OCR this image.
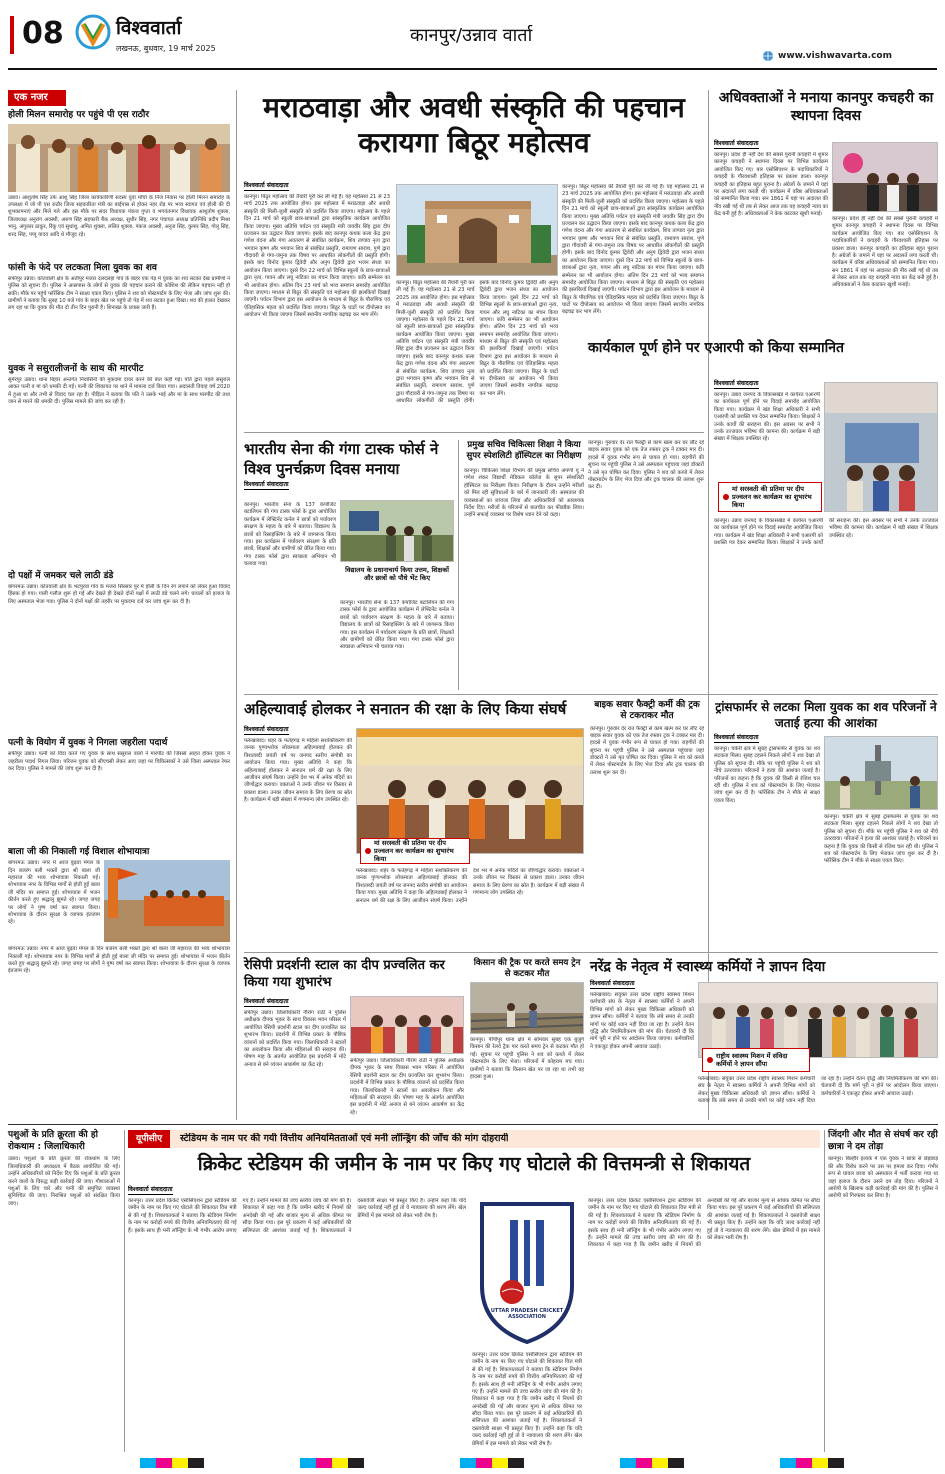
08	विश्ववार्ता
लखनऊ, बुधवार, 19 मार्च 2025
कानपुर/उन्नाव वार्ता
www.vishwavarta.com
एक नजर
होली मिलन समारोह पर पहुंचे पी एस राठौर
उन्नाव। आशुतोष सिंह उर्फ आशु सिंह जिला कार्यकारिणी सदस्य युवा मोर्चा के निज निवास पर होली मिलन समारोह के उपलक्ष्य में जो पी एस राठौर जिला सहकारिता मंत्री का बाईपास से होकर नहर रोड़ पर भव्य स्वागत एवं होली की दी शुभकामनाएं और मिले गले और इस मौके पर सदर विधायक पंकज गुप्ता व भगवंतनगर विधायक आशुतोष शुक्ला, जिलाध्यक्ष अनुराग अवस्थी, अरुण सिंह सहकारी बैंक अध्यक्ष, सुधीर सिंह, नगर पंचायत अध्यक्ष प्रतिनिधि प्रदीप मिश्रा भानु, अंगुल्तर ठाकुर, रिंकू एवं सुधांशु, अमित शुक्ला, ललित शुक्ला, पंकज अवस्थी, अनुज सिंह, कुमार सिंह, गोलू सिंह, शरद सिंह, पप्पू यादव आदि थे मौजूद रहे।
फांसी के फंदे पर लटकता मिला युवक का शव
सफीपुर उन्नाव। कोतवाली क्षेत्र के अतीपुर मजरा दलदलहा गांव के बाहर एक पेड़ में युवक का शव लटका देख ग्रामीणों ने पुलिस को सूचना दी। पुलिस ने आसपास के लोगों से युवक की पहचान कराने की कोशिश की लेकिन पहचान नहीं हो सकी। मौके पर पहुंचे फॉरेंसिक टीम ने साक्ष्य एकत्र किए। पुलिस ने शव को पोस्टमार्टम के लिए भेजा और जांच शुरू की। ग्रामीणों ने बताया कि सुबह 10 बजे गांव के बाहर खेत पर पहुंचे तो पेड़ में शव लटका हुआ दिखा। शव की हालत देखकर लग रहा था कि युवक की मौत दो तीन दिन पुरानी है। शिनाख्त के प्रयास जारी हैं।
युवक ने ससुरालीजनों के साथ की मारपीट
सुमेरपुर उन्नाव। थाना बिहार अन्तर्गत निवासिनी की मुकदमा दायर करने की बात कही गई। पति द्वारा पहले ससुराल आकर पत्नी व मां को धमकी दी गई। पत्नी की शिकायत पर थाने में मामला दर्ज किया गया। अदालती विवाह वर्ष 2020 में हुआ था और तभी से विवाद चल रहा है। पीड़िता ने बताया कि पति ने उसके भाई और मां के साथ मारपीट की तथा जान से मारने की धमकी दी। पुलिस मामले की जांच कर रही है।
दो पक्षों में जमकर चले लाठी डंडे
बांगरमऊ उन्नाव। कोतवाली क्षेत्र के भटपुरवा गांव के मजरा सिरसार पुर में होली के दिन रंग लगाने को लेकर हुआ विवाद हिंसक हो गया। गाली गलौज शुरू हो गई और देखते ही देखते दोनों पक्षों में लाठी डंडे चलने लगे। घायलों को इलाज के लिए अस्पताल भेजा गया। पुलिस ने दोनों पक्षों की तहरीर पर मुकदमा दर्ज कर जांच शुरू कर दी है।
पत्नी के वियोग में युवक ने निगला जहरीला पदार्थ
सफीपुर उन्नाव। पत्नी को विदा करने गए युवक के साथ ससुराल वालों ने मारपीट की जिससे आहत होकर युवक ने जहरीला पदार्थ निगल लिया। परिजन युवक को सीएचसी लेकर आए जहां पर चिकित्सकों ने उसे जिला अस्पताल रेफर कर दिया। पुलिस ने मामले की जांच शुरू कर दी है।
बाला जी की निकाली गई विशाल शोभायात्रा
बांगरमऊ उन्नाव। नगर में आज बुढ़वा मंगल के दिन बजरंग बली भक्तों द्वारा श्री बाला जी महाराज की भव्य शोभायात्रा निकाली गई। शोभायात्रा नगर के विभिन्न मार्गों से होती हुई बाला जी मंदिर पर समाप्त हुई। शोभायात्रा में भजन कीर्तन करते हुए श्रद्धालु झूमते रहे। जगह जगह पर लोगों ने पुष्प वर्षा कर स्वागत किया। शोभायात्रा के दौरान सुरक्षा के व्यापक इंतजाम रहे।
बांगरमऊ उन्नाव। नगर में आज बुढ़वा मंगल के दिन बजरंग बली भक्तों द्वारा श्री बाला जी महाराज की भव्य शोभायात्रा निकाली गई। शोभायात्रा नगर के विभिन्न मार्गों से होती हुई बाला जी मंदिर पर समाप्त हुई। शोभायात्रा में भजन कीर्तन करते हुए श्रद्धालु झूमते रहे। जगह जगह पर लोगों ने पुष्प वर्षा कर स्वागत किया। शोभायात्रा के दौरान सुरक्षा के व्यापक इंतजाम रहे।
मराठवाड़ा और अवधी संस्कृति की पहचान करायगा बिठूर महोत्सव
विश्ववार्ता संवाददाता
कानपुर। बिठूर महोत्सव की तैयारी पूरी कर ली गई हैं। यह महोत्सव 21 से 23 मार्च 2025 तक आयोजित होगा। इस महोत्सव में मराठवाड़ा और अवधी संस्कृति की मिली-जुली संस्कृति को प्रदर्शित किया जाएगा। महोत्सव के पहले दिन 21 मार्च को स्कूली छात्र-छात्राओं द्वारा सांस्कृतिक कार्यक्रम आयोजित किया जाएगा। मुख्य अतिथि पर्यटन एवं संस्कृति मंत्री जयवीर सिंह द्वारा दीप प्रज्वलन कर उद्घाटन किया जाएगा। इसके बाद कानपुर कथक कला केंद्र द्वारा गणेश वंदना और गंगा अवतरण से संबंधित कार्यक्रम, शिव ताण्डव नृत्य द्वारा भगवान कृष्ण और भगवान शिव से संबंधित प्रस्तुति, रामायण सारांश, पुणे द्वारा गौदावरी से गंगा-जमुना तक विषय पर आधारित लोकगीतों की प्रस्तुति होगी। इसके बाद विनोद कुमार द्विवेदी और अनुप द्विवेदी द्वारा भजन संध्या का आयोजन किया जाएगा। दूसरे दिन 22 मार्च को विभिन्न स्कूलों के छात्र-छात्राओं द्वारा नृत्य, गायन और लघु नाटिका का मंचन किया जाएगा। कवि सम्मेलन का भी आयोजन होगा। अंतिम दिन 23 मार्च को भव्य समापन समारोह आयोजित किया जाएगा। माध्यम से बिठूर की संस्कृति एवं महोत्सव की झलकियाँ दिखाई जाएंगी। पर्यटन विभाग द्वारा इस आयोजन के माध्यम से बिठूर के पौराणिक एवं ऐतिहासिक महत्व को प्रदर्शित किया जाएगा। बिठूर के घाटों पर दीपोत्सव का आयोजन भी किया जाएगा जिसमें स्थानीय नागरिक बढ़चढ़ कर भाग लेंगे।
कानपुर। बिठूर महोत्सव की तैयारी पूरी कर ली गई हैं। यह महोत्सव 21 से 23 मार्च 2025 तक आयोजित होगा। इस महोत्सव में मराठवाड़ा और अवधी संस्कृति की मिली-जुली संस्कृति को प्रदर्शित किया जाएगा। महोत्सव के पहले दिन 21 मार्च को स्कूली छात्र-छात्राओं द्वारा सांस्कृतिक कार्यक्रम आयोजित किया जाएगा। मुख्य अतिथि पर्यटन एवं संस्कृति मंत्री जयवीर सिंह द्वारा दीप प्रज्वलन कर उद्घाटन किया जाएगा। इसके बाद कानपुर कथक कला केंद्र द्वारा गणेश वंदना और गंगा अवतरण से संबंधित कार्यक्रम, शिव ताण्डव नृत्य द्वारा भगवान कृष्ण और भगवान शिव से संबंधित प्रस्तुति, रामायण सारांश, पुणे द्वारा गौदावरी से गंगा-जमुना तक विषय पर आधारित लोकगीतों की प्रस्तुति होगी। इसके बाद विनोद कुमार द्विवेदी और अनुप द्विवेदी द्वारा भजन संध्या का आयोजन किया जाएगा। दूसरे दिन 22 मार्च को विभिन्न स्कूलों के छात्र-छात्राओं द्वारा नृत्य, गायन और लघु नाटिका का मंचन किया जाएगा। कवि सम्मेलन का भी आयोजन होगा। अंतिम दिन 23 मार्च को भव्य समापन समारोह आयोजित किया जाएगा। माध्यम से बिठूर की संस्कृति एवं महोत्सव की झलकियाँ दिखाई जाएंगी। पर्यटन विभाग द्वारा इस आयोजन के माध्यम से बिठूर के पौराणिक एवं ऐतिहासिक महत्व को प्रदर्शित किया जाएगा। बिठूर के घाटों पर दीपोत्सव का आयोजन भी किया जाएगा जिसमें स्थानीय नागरिक बढ़चढ़ कर भाग लेंगे।
कानपुर। बिठूर महोत्सव की तैयारी पूरी कर ली गई हैं। यह महोत्सव 21 से 23 मार्च 2025 तक आयोजित होगा। इस महोत्सव में मराठवाड़ा और अवधी संस्कृति की मिली-जुली संस्कृति को प्रदर्शित किया जाएगा। महोत्सव के पहले दिन 21 मार्च को स्कूली छात्र-छात्राओं द्वारा सांस्कृतिक कार्यक्रम आयोजित किया जाएगा। मुख्य अतिथि पर्यटन एवं संस्कृति मंत्री जयवीर सिंह द्वारा दीप प्रज्वलन कर उद्घाटन किया जाएगा। इसके बाद कानपुर कथक कला केंद्र द्वारा गणेश वंदना और गंगा अवतरण से संबंधित कार्यक्रम, शिव ताण्डव नृत्य द्वारा भगवान कृष्ण और भगवान शिव से संबंधित प्रस्तुति, रामायण सारांश, पुणे द्वारा गौदावरी से गंगा-जमुना तक विषय पर आधारित लोकगीतों की प्रस्तुति होगी। इसके बाद विनोद कुमार द्विवेदी और अनुप द्विवेदी द्वारा भजन संध्या का आयोजन किया जाएगा। दूसरे दिन 22 मार्च को विभिन्न स्कूलों के छात्र-छात्राओं द्वारा नृत्य, गायन और लघु नाटिका का मंचन किया जाएगा। कवि सम्मेलन का भी आयोजन होगा। अंतिम दिन 23 मार्च को भव्य समापन समारोह आयोजित किया जाएगा। माध्यम से बिठूर की संस्कृति एवं महोत्सव की झलकियाँ दिखाई जाएंगी। पर्यटन विभाग द्वारा इस आयोजन के माध्यम से बिठूर के पौराणिक एवं ऐतिहासिक महत्व को प्रदर्शित किया जाएगा। बिठूर के घाटों पर दीपोत्सव का आयोजन भी किया जाएगा जिसमें स्थानीय नागरिक बढ़चढ़ कर भाग लेंगे।
अधिवक्ताओं ने मनाया कानपुर कचहरी का स्थापना दिवस
विश्ववार्ता संवाददाता
कानपुर। प्रदेश ही नहीं देश की सबसे पुरानी कचहरी में शुमार कानपुर कचहरी ने स्थापना दिवस पर विभिन्न कार्यक्रम आयोजित किए गए। बार एसोसिएशन के पदाधिकारियों ने कचहरी के गौरवशाली इतिहास पर प्रकाश डाला। कानपुर कचहरी का इतिहास बहुत पुराना है। अंग्रेजों के जमाने में यहां पर अदालतें लगा करती थीं। कार्यक्रम में वरिष्ठ अधिवक्ताओं को सम्मानित किया गया। सन 1861 में यहां पर अदालत की नींव रखी गई थी तब से लेकर आज तक यह कचहरी न्याय का केंद्र बनी हुई है। अधिवक्ताओं ने केक काटकर खुशी मनाई।
कानपुर। प्रदेश ही नहीं देश की सबसे पुरानी कचहरी में शुमार कानपुर कचहरी ने स्थापना दिवस पर विभिन्न कार्यक्रम आयोजित किए गए। बार एसोसिएशन के पदाधिकारियों ने कचहरी के गौरवशाली इतिहास पर प्रकाश डाला। कानपुर कचहरी का इतिहास बहुत पुराना है। अंग्रेजों के जमाने में यहां पर अदालतें लगा करती थीं। कार्यक्रम में वरिष्ठ अधिवक्ताओं को सम्मानित किया गया। सन 1861 में यहां पर अदालत की नींव रखी गई थी तब से लेकर आज तक यह कचहरी न्याय का केंद्र बनी हुई है। अधिवक्ताओं ने केक काटकर खुशी मनाई।
भारतीय सेना की गंगा टास्क फोर्स ने विश्व पुनर्चक्रण दिवस मनाया
विश्ववार्ता संवाददाता
कानपुर। भारतीय सेना के 137 कंपोजिट बटालियन की गंगा टास्क फोर्स के द्वारा आयोजित कार्यक्रम में लेफ्टिनेंट कर्नल ने छात्रों को पर्यावरण संरक्षण के महत्व के बारे में बताया। विद्यालय के छात्रों को रिसाइक्लिंग के बारे में जागरूक किया गया। इस कार्यक्रम में पर्यावरण संरक्षण के प्रति छात्रों, शिक्षकों और ग्रामीणों को प्रेरित किया गया। गंगा टास्क फोर्स द्वारा स्वच्छता अभियान भी चलाया गया।
विद्यालय के प्रधानाचार्य किया उत्तम, शिक्षकों और छात्रों को पौधे भेंट किए
कानपुर। भारतीय सेना के 137 कंपोजिट बटालियन की गंगा टास्क फोर्स के द्वारा आयोजित कार्यक्रम में लेफ्टिनेंट कर्नल ने छात्रों को पर्यावरण संरक्षण के महत्व के बारे में बताया। विद्यालय के छात्रों को रिसाइक्लिंग के बारे में जागरूक किया गया। इस कार्यक्रम में पर्यावरण संरक्षण के प्रति छात्रों, शिक्षकों और ग्रामीणों को प्रेरित किया गया। गंगा टास्क फोर्स द्वारा स्वच्छता अभियान भी चलाया गया।
प्रमुख सचिव चिकित्सा शिक्षा ने किया सुपर स्पेशलिटी हॉस्पिटल का निरीक्षण
कानपुर। चिकित्सा शिक्षा विभाग की प्रमुख सचिव अपर्णा यू ने गणेश शंकर विद्यार्थी मेडिकल कॉलेज के सुपर स्पेशलिटी हॉस्पिटल का निरीक्षण किया। निरीक्षण के दौरान उन्होंने मरीजों को मिल रही सुविधाओं के बारे में जानकारी ली। अस्पताल की व्यवस्थाओं का जायजा लिया और अधिकारियों को आवश्यक निर्देश दिए। मरीजों के परिजनों से बातचीत कर फीडबैक लिया। उन्होंने सफाई व्यवस्था पर विशेष ध्यान देने को कहा।
कानपुर। गुरुवार देर रात फैक्ट्री से काम खत्म कर घर लौट रहे बाइक सवार युवक को एक तेज रफ्तार ट्रक ने टक्कर मार दी। हादसे में युवक गंभीर रूप से घायल हो गया। राहगीरों की सूचना पर पहुंची पुलिस ने उसे अस्पताल पहुंचाया जहां डॉक्टरों ने उसे मृत घोषित कर दिया। पुलिस ने शव को कब्जे में लेकर पोस्टमार्टम के लिए भेज दिया और ट्रक चालक की तलाश शुरू कर दी।
कार्यकाल पूर्ण होने पर एआरपी को किया सम्मानित
विश्ववार्ता संवाददाता
कानपुर। उन्नाव जनपद के विकासखंड में कार्यरत एआरपी का कार्यकाल पूर्ण होने पर विदाई समारोह आयोजित किया गया। कार्यक्रम में खंड शिक्षा अधिकारी ने सभी एआरपी को प्रशस्ति पत्र देकर सम्मानित किया। शिक्षकों ने उनके कार्यों की सराहना की। इस अवसर पर सभी ने उनके उज्जवल भविष्य की कामना की। कार्यक्रम में बड़ी संख्या में शिक्षक उपस्थित रहे।
मां सरस्वती की प्रतिमा पर दीप प्रज्वलन कर कार्यक्रम का शुभारंभ किया
कानपुर। उन्नाव जनपद के विकासखंड में कार्यरत एआरपी का कार्यकाल पूर्ण होने पर विदाई समारोह आयोजित किया गया। कार्यक्रम में खंड शिक्षा अधिकारी ने सभी एआरपी को प्रशस्ति पत्र देकर सम्मानित किया। शिक्षकों ने उनके कार्यों की सराहना की। इस अवसर पर सभी ने उनके उज्जवल भविष्य की कामना की। कार्यक्रम में बड़ी संख्या में शिक्षक उपस्थित रहे।
अहिल्यावाई होलकर ने सनातन की रक्षा के लिए किया संघर्ष
विश्ववार्ता संवाददाता
फर्रुखाबाद। शहर के फतेहगढ़ में महिला सशक्तिकरण की जनक पुण्यश्लोक लोकमाता अहिल्याबाई होलकर की त्रिशताब्दी जयंती वर्ष पर जनपद स्तरीय संगोष्ठी का आयोजन किया गया। मुख्य अतिथि ने कहा कि अहिल्याबाई होलकर ने सनातन धर्म की रक्षा के लिए आजीवन संघर्ष किया। उन्होंने देश भर में अनेक मंदिरों का जीर्णोद्धार कराया। वक्ताओं ने उनके जीवन पर विस्तार से प्रकाश डाला। उनका जीवन समाज के लिए प्रेरणा का स्रोत है। कार्यक्रम में बड़ी संख्या में गणमान्य लोग उपस्थित रहे।
मां सरस्वती की प्रतिमा पर दीप प्रज्वलन कर कार्यक्रम का शुभारंभ किया
फर्रुखाबाद। शहर के फतेहगढ़ में महिला सशक्तिकरण की जनक पुण्यश्लोक लोकमाता अहिल्याबाई होलकर की त्रिशताब्दी जयंती वर्ष पर जनपद स्तरीय संगोष्ठी का आयोजन किया गया। मुख्य अतिथि ने कहा कि अहिल्याबाई होलकर ने सनातन धर्म की रक्षा के लिए आजीवन संघर्ष किया। उन्होंने देश भर में अनेक मंदिरों का जीर्णोद्धार कराया। वक्ताओं ने उनके जीवन पर विस्तार से प्रकाश डाला। उनका जीवन समाज के लिए प्रेरणा का स्रोत है। कार्यक्रम में बड़ी संख्या में गणमान्य लोग उपस्थित रहे।
बाइक सवार फैक्ट्री कर्मी की ट्रक से टकराकर मौत
कानपुर। गुरुवार देर रात फैक्ट्री से काम खत्म कर घर लौट रहे बाइक सवार युवक को एक तेज रफ्तार ट्रक ने टक्कर मार दी। हादसे में युवक गंभीर रूप से घायल हो गया। राहगीरों की सूचना पर पहुंची पुलिस ने उसे अस्पताल पहुंचाया जहां डॉक्टरों ने उसे मृत घोषित कर दिया। पुलिस ने शव को कब्जे में लेकर पोस्टमार्टम के लिए भेज दिया और ट्रक चालक की तलाश शुरू कर दी।
ट्रांसफार्मर से लटका मिला युवक का शव परिजनों ने जताई हत्या की आशंका
विश्ववार्ता संवाददाता
कानपुर। चकेरी क्षेत्र में सुबह ट्रांसफार्मर से युवक का शव लटकता मिला। सुबह टहलने निकले लोगों ने शव देखा तो पुलिस को सूचना दी। मौके पर पहुंची पुलिस ने शव को नीचे उतरवाया। परिजनों ने हत्या की आशंका जताई है। परिजनों का कहना है कि युवक की किसी से रंजिश चल रही थी। पुलिस ने शव को पोस्टमार्टम के लिए भेजकर जांच शुरू कर दी है। फॉरेंसिक टीम ने मौके से साक्ष्य एकत्र किए।
कानपुर। चकेरी क्षेत्र में सुबह ट्रांसफार्मर से युवक का शव लटकता मिला। सुबह टहलने निकले लोगों ने शव देखा तो पुलिस को सूचना दी। मौके पर पहुंची पुलिस ने शव को नीचे उतरवाया। परिजनों ने हत्या की आशंका जताई है। परिजनों का कहना है कि युवक की किसी से रंजिश चल रही थी। पुलिस ने शव को पोस्टमार्टम के लिए भेजकर जांच शुरू कर दी है। फॉरेंसिक टीम ने मौके से साक्ष्य एकत्र किए।
रेसिपी प्रदर्शनी स्टाल का दीप प्रज्वलित कर किया गया शुभारंभ
विश्ववार्ता संवाददाता
सफीपुर उन्नाव। जिलाधिकारी गौरांग राठी ने पुलिस अधीक्षक दीपक भूकर के साथ विकास भवन परिसर में आयोजित रेसिपी प्रदर्शनी स्टाल का दीप प्रज्वलित कर शुभारंभ किया। प्रदर्शनी में विभिन्न प्रकार के पौष्टिक व्यंजनों को प्रदर्शित किया गया। जिलाधिकारी ने स्टालों का अवलोकन किया और महिलाओं की सराहना की। पोषण माह के अंतर्गत आयोजित इस प्रदर्शनी में मोटे अनाज से बने व्यंजन आकर्षण का केंद्र रहे।
सफीपुर उन्नाव। जिलाधिकारी गौरांग राठी ने पुलिस अधीक्षक दीपक भूकर के साथ विकास भवन परिसर में आयोजित रेसिपी प्रदर्शनी स्टाल का दीप प्रज्वलित कर शुभारंभ किया। प्रदर्शनी में विभिन्न प्रकार के पौष्टिक व्यंजनों को प्रदर्शित किया गया। जिलाधिकारी ने स्टालों का अवलोकन किया और महिलाओं की सराहना की। पोषण माह के अंतर्गत आयोजित इस प्रदर्शनी में मोटे अनाज से बने व्यंजन आकर्षण का केंद्र रहे।
किसान की ट्रैक पर करते समय ट्रेन से कटकर मौत
कानपुर। पीपीपुर थाना क्षेत्र में सोमवार सुबह एक बुजुर्ग किसान की रेलवे ट्रैक पार करते समय ट्रेन से कटकर मौत हो गई। सूचना पर पहुंची पुलिस ने शव को कब्जे में लेकर पोस्टमार्टम के लिए भेजा। परिजनों में कोहराम मच गया। ग्रामीणों ने बताया कि किसान खेत पर जा रहा था तभी यह हादसा हुआ।
नरेंद्र के नेतृत्व में स्वास्थ्य कर्मियों ने ज्ञापन दिया
विश्ववार्ता संवाददाता
फर्रुखाबाद। संयुक्त उत्तर प्रदेश राष्ट्रीय स्वास्थ्य मिशन कर्मचारी संघ के नेतृत्व में स्वास्थ्य कर्मियों ने अपनी विभिन्न मांगों को लेकर मुख्य चिकित्सा अधिकारी को ज्ञापन सौंपा। कर्मियों ने बताया कि लंबे समय से उनकी मांगों पर कोई ध्यान नहीं दिया जा रहा है। उन्होंने वेतन वृद्धि और नियमितीकरण की मांग की। चेतावनी दी कि मांगें पूरी न होने पर आंदोलन किया जाएगा। कर्मचारियों ने एकजुट होकर अपनी आवाज उठाई।
राष्ट्रीय स्वास्थ्य मिशन में संविदा कर्मियों ने ज्ञापन सौंपा
फर्रुखाबाद। संयुक्त उत्तर प्रदेश राष्ट्रीय स्वास्थ्य मिशन कर्मचारी संघ के नेतृत्व में स्वास्थ्य कर्मियों ने अपनी विभिन्न मांगों को लेकर मुख्य चिकित्सा अधिकारी को ज्ञापन सौंपा। कर्मियों ने बताया कि लंबे समय से उनकी मांगों पर कोई ध्यान नहीं दिया जा रहा है। उन्होंने वेतन वृद्धि और नियमितीकरण की मांग की। चेतावनी दी कि मांगें पूरी न होने पर आंदोलन किया जाएगा। कर्मचारियों ने एकजुट होकर अपनी आवाज उठाई।
पशुओं के प्रति क्रूरता की हो रोकथाम : जिलाधिकारी
उन्नाव। पशुओं के प्रति क्रूरता की रोकथाम के लिए जिलाधिकारी की अध्यक्षता में बैठक आयोजित की गई। उन्होंने अधिकारियों को निर्देश दिए कि पशुओं के प्रति क्रूरता करने वालों के विरुद्ध कड़ी कार्रवाई की जाए। गौशालाओं में पशुओं के लिए चारे और पानी की समुचित व्यवस्था सुनिश्चित की जाए। निराश्रित पशुओं को संरक्षित किया जाए।
यूपीसीए	स्टेडियम के नाम पर की गयी वित्तीय अनियमितताओं एवं मनी लॉन्ड्रिंग की जाँच की मांग दोहरायी
क्रिकेट स्टेडियम की जमीन के नाम पर किए गए घोटाले की वित्तमन्त्री से शिकायत
विश्ववार्ता संवाददाता
कानपुर। उत्तर प्रदेश क्रिकेट एसोसिएशन द्वारा स्टेडियम की जमीन के नाम पर किए गए घोटाले की शिकायत वित्त मंत्री से की गई है। शिकायतकर्ता ने बताया कि स्टेडियम निर्माण के नाम पर करोड़ों रुपये की वित्तीय अनियमितताएं की गई हैं। इसके साथ ही मनी लॉन्ड्रिंग के भी गंभीर आरोप लगाए गए हैं। उन्होंने मामले की उच्च स्तरीय जांच की मांग की है। शिकायत में कहा गया है कि जमीन खरीद में नियमों की अनदेखी की गई और बाजार मूल्य से अधिक कीमत पर सौदा किया गया। इस पूरे प्रकरण में कई अधिकारियों की संलिप्तता की आशंका जताई गई है। शिकायतकर्ता ने दस्तावेजी साक्ष्य भी प्रस्तुत किए हैं। उन्होंने कहा कि यदि जल्द कार्रवाई नहीं हुई तो वे न्यायालय की शरण लेंगे। खेल प्रेमियों में इस मामले को लेकर भारी रोष है।
UTTAR PRADESH CRICKET ASSOCIATION
कानपुर। उत्तर प्रदेश क्रिकेट एसोसिएशन द्वारा स्टेडियम की जमीन के नाम पर किए गए घोटाले की शिकायत वित्त मंत्री से की गई है। शिकायतकर्ता ने बताया कि स्टेडियम निर्माण के नाम पर करोड़ों रुपये की वित्तीय अनियमितताएं की गई हैं। इसके साथ ही मनी लॉन्ड्रिंग के भी गंभीर आरोप लगाए गए हैं। उन्होंने मामले की उच्च स्तरीय जांच की मांग की है। शिकायत में कहा गया है कि जमीन खरीद में नियमों की अनदेखी की गई और बाजार मूल्य से अधिक कीमत पर सौदा किया गया। इस पूरे प्रकरण में कई अधिकारियों की संलिप्तता की आशंका जताई गई है। शिकायतकर्ता ने दस्तावेजी साक्ष्य भी प्रस्तुत किए हैं। उन्होंने कहा कि यदि जल्द कार्रवाई नहीं हुई तो वे न्यायालय की शरण लेंगे। खेल प्रेमियों में इस मामले को लेकर भारी रोष है।
कानपुर। उत्तर प्रदेश क्रिकेट एसोसिएशन द्वारा स्टेडियम की जमीन के नाम पर किए गए घोटाले की शिकायत वित्त मंत्री से की गई है। शिकायतकर्ता ने बताया कि स्टेडियम निर्माण के नाम पर करोड़ों रुपये की वित्तीय अनियमितताएं की गई हैं। इसके साथ ही मनी लॉन्ड्रिंग के भी गंभीर आरोप लगाए गए हैं। उन्होंने मामले की उच्च स्तरीय जांच की मांग की है। शिकायत में कहा गया है कि जमीन खरीद में नियमों की अनदेखी की गई और बाजार मूल्य से अधिक कीमत पर सौदा किया गया। इस पूरे प्रकरण में कई अधिकारियों की संलिप्तता की आशंका जताई गई है। शिकायतकर्ता ने दस्तावेजी साक्ष्य भी प्रस्तुत किए हैं। उन्होंने कहा कि यदि जल्द कार्रवाई नहीं हुई तो वे न्यायालय की शरण लेंगे। खेल प्रेमियों में इस मामले को लेकर भारी रोष है।
जिंदगी और मौत से संघर्ष कर रही छात्रा ने दम तोड़ा
कानपुर। बिल्हौर इलाके में एक युवक ने छात्रा से छेड़छाड़ की और विरोध करने पर उस पर हमला कर दिया। गंभीर रूप से घायल छात्रा को अस्पताल में भर्ती कराया गया था जहां इलाज के दौरान उसने दम तोड़ दिया। परिजनों ने आरोपी के खिलाफ कड़ी कार्रवाई की मांग की है। पुलिस ने आरोपी को गिरफ्तार कर लिया है।
